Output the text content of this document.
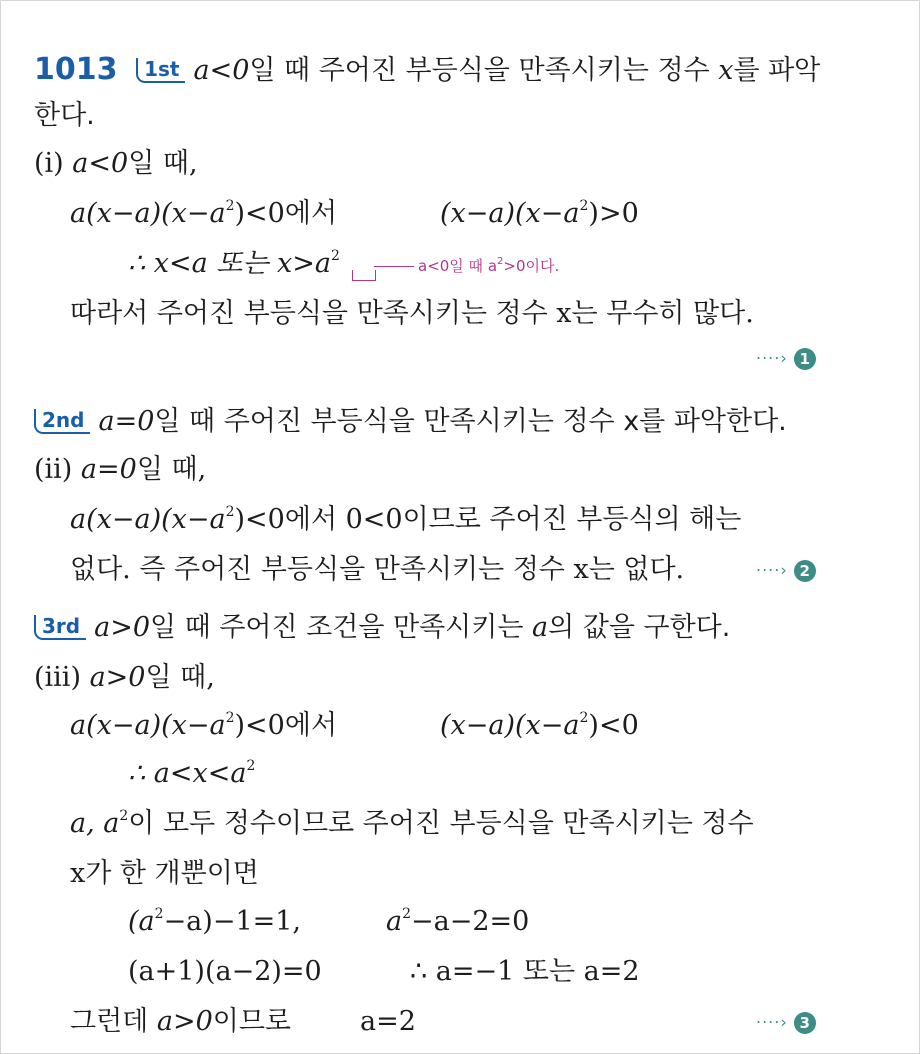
1013 1st a<0일 때 주어진 부등식을 만족시키는 정수 x를 파악
한다.
(i) a<0일 때,
$a(x-a)(x-a^2)<0$에서	$(x-a)(x-a^2)>0$
∴ x<a 또는 $x>a^2$
a<0일 때 $a^2>0$이다.
따라서 주어진 부등식을 만족시키는 정수 x는 무수히 많다.
····› 1
2nd a=0일 때 주어진 부등식을 만족시키는 정수 x를 파악한다.
(ii) a=0일 때,
$a(x-a)(x-a^2)<0$에서 0<0이므로 주어진 부등식의 해는
없다. 즉 주어진 부등식을 만족시키는 정수 x는 없다.	····› 2
3rd a>0일 때 주어진 조건을 만족시키는 a의 값을 구한다.
(iii) a>0일 때,
$a(x-a)(x-a^2)<0$에서	$(x-a)(x-a^2)<0$
∴ $a<x<a^2$
a, $a^2$이 모두 정수이므로 주어진 부등식을 만족시키는 정수
x가 한 개뿐이면
$(a^2-a)-1=1$,	$a^2-a-2=0$
(a+1)(a−2)=0	∴ a=−1 또는 a=2
그런데 a>0이므로	a=2	····› 3
